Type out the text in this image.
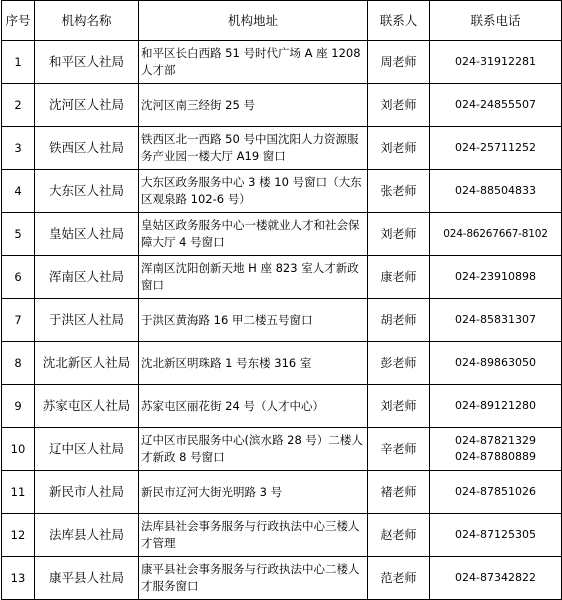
序号	机构名称	机构地址	联系人	联系电话
1	和平区人社局	和平区长白西路 51 号时代广场 A 座 1208 人才部	周老师	024-31912281

2	沈河区人社局	沈河区南三经街 25 号	刘老师	024-24855507

3	铁西区人社局	铁西区北一西路 50 号中国沈阳人力资源服务产业园一楼大厅 A19 窗口	刘老师	024-25711252

4	大东区人社局	大东区政务服务中心 3 楼 10 号窗口（大东区观泉路 102-6 号）	张老师	024-88504833

5	皇姑区人社局	皇姑区政务服务中心一楼就业人才和社会保障大厅 4 号窗口	刘老师	024-86267667-8102

6	浑南区人社局	浑南区沈阳创新天地 H 座 823 室人才新政窗口	康老师	024-23910898

7	于洪区人社局	于洪区黄海路 16 甲二楼五号窗口	胡老师	024-85831307

8	沈北新区人社局	沈北新区明珠路 1 号东楼 316 室	彭老师	024-89863050

9	苏家屯区人社局	苏家屯区丽花街 24 号（人才中心）	刘老师	024-89121280

10	辽中区人社局	辽中区市民服务中心(滨水路 28 号）二楼人才新政 8 号窗口	辛老师	024-87821329
024-87880889

11	新民市人社局	新民市辽河大街光明路 3 号	褚老师	024-87851026

12	法库县人社局	法库县社会事务服务与行政执法中心三楼人才管理	赵老师	024-87125305

13	康平县人社局	康平县社会事务服务与行政执法中心二楼人才服务窗口	范老师	024-87342822
